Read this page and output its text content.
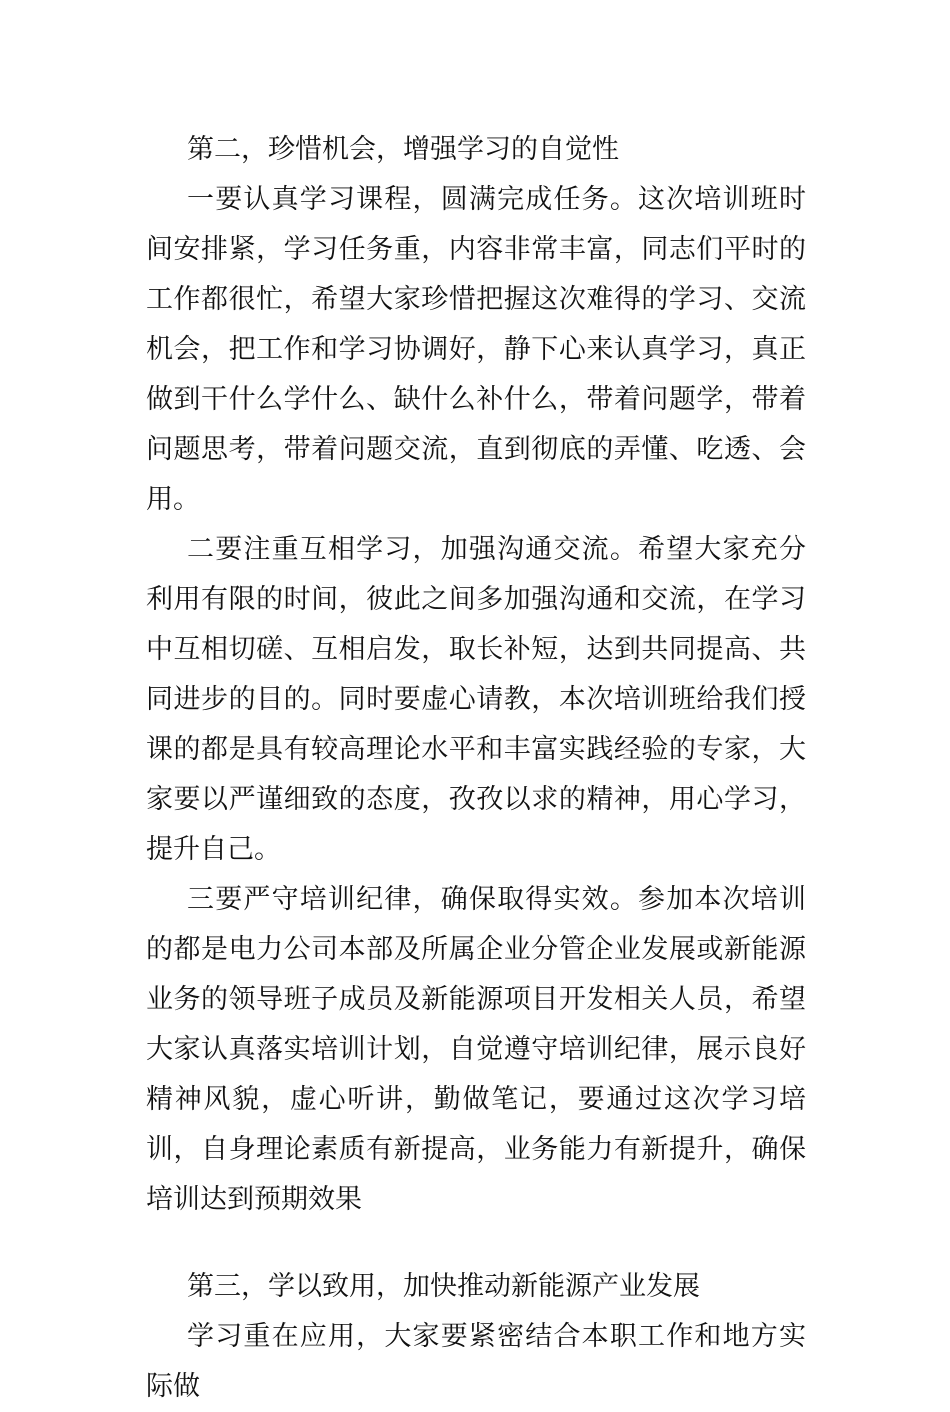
第二，珍惜机会，增强学习的自觉性

一要认真学习课程，圆满完成任务。这次培训班时间安排紧，学习任务重，内容非常丰富，同志们平时的工作都很忙，希望大家珍惜把握这次难得的学习、交流机会，把工作和学习协调好，静下心来认真学习，真正做到干什么学什么、缺什么补什么，带着问题学，带着问题思考，带着问题交流，直到彻底的弄懂、吃透、会用。

二要注重互相学习，加强沟通交流。希望大家充分利用有限的时间，彼此之间多加强沟通和交流，在学习中互相切磋、互相启发，取长补短，达到共同提高、共同进步的目的。同时要虚心请教，本次培训班给我们授课的都是具有较高理论水平和丰富实践经验的专家，大家要以严谨细致的态度，孜孜以求的精神，用心学习，提升自己。

三要严守培训纪律，确保取得实效。参加本次培训的都是电力公司本部及所属企业分管企业发展或新能源业务的领导班子成员及新能源项目开发相关人员，希望大家认真落实培训计划，自觉遵守培训纪律，展示良好精神风貌，虚心听讲，勤做笔记，要通过这次学习培训，自身理论素质有新提高，业务能力有新提升，确保培训达到预期效果

第三，学以致用，加快推动新能源产业发展

学习重在应用，大家要紧密结合本职工作和地方实际做
